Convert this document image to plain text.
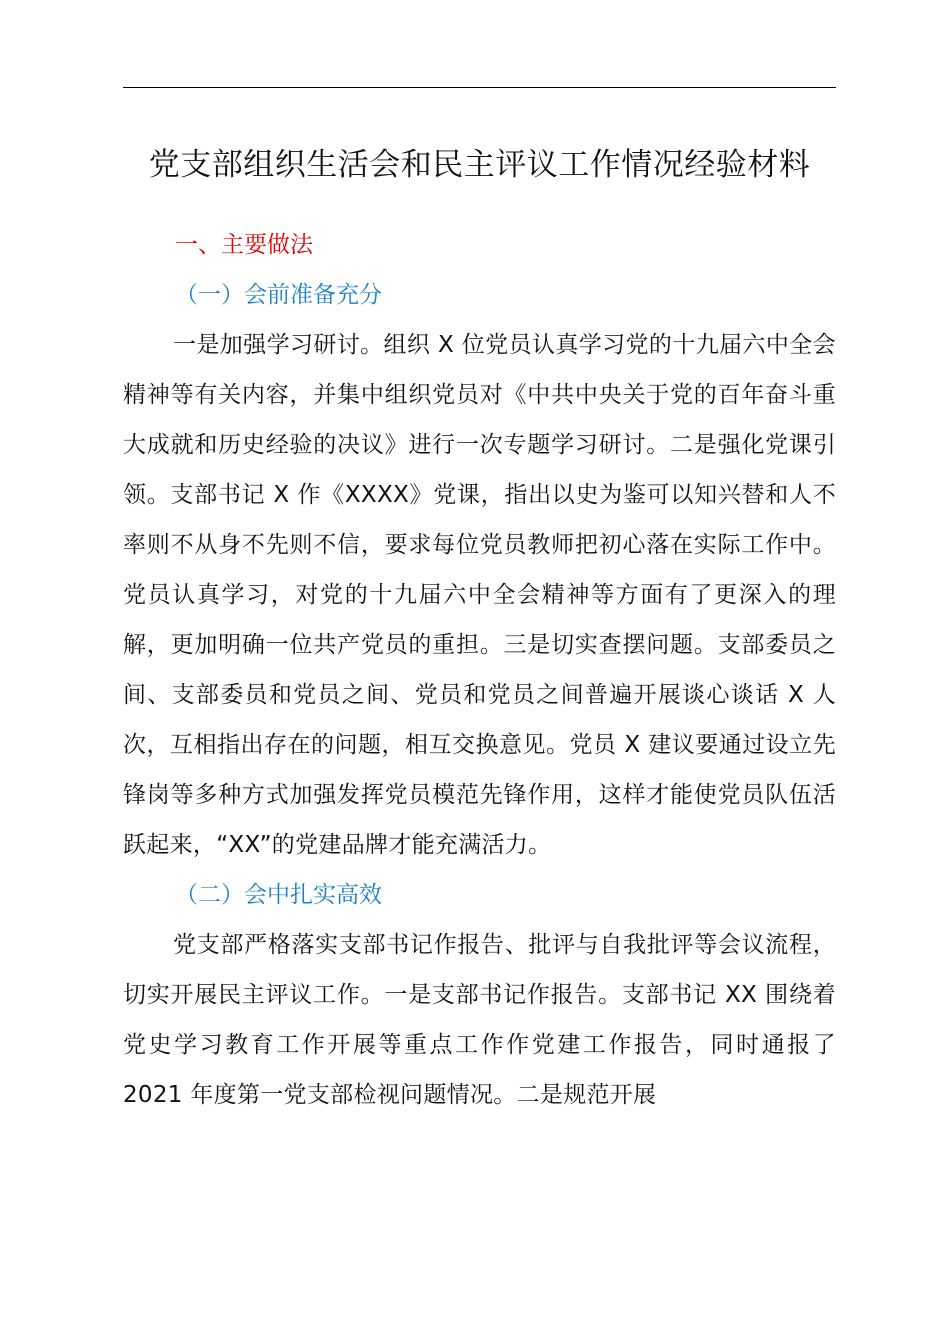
党支部组织生活会和民主评议工作情况经验材料
一、主要做法
（一）会前准备充分

一是加强学习研讨。组织 X 位党员认真学习党的十九届六中全会精神等有关内容，并集中组织党员对《中共中央关于党的百年奋斗重大成就和历史经验的决议》进行一次专题学习研讨。二是强化党课引领。支部书记 X 作《XXXX》党课，指出以史为鉴可以知兴替和人不率则不从身不先则不信，要求每位党员教师把初心落在实际工作中。党员认真学习，对党的十九届六中全会精神等方面有了更深入的理解，更加明确一位共产党员的重担。三是切实查摆问题。支部委员之间、支部委员和党员之间、党员和党员之间普遍开展谈心谈话 X 人次，互相指出存在的问题，相互交换意见。党员 X 建议要通过设立先锋岗等多种方式加强发挥党员模范先锋作用，这样才能使党员队伍活跃起来，“XX”的党建品牌才能充满活力。

（二）会中扎实高效

党支部严格落实支部书记作报告、批评与自我批评等会议流程，切实开展民主评议工作。一是支部书记作报告。支部书记 XX 围绕着党史学习教育工作开展等重点工作作党建工作报告，同时通报了 2021 年度第一党支部检视问题情况。二是规范开展
